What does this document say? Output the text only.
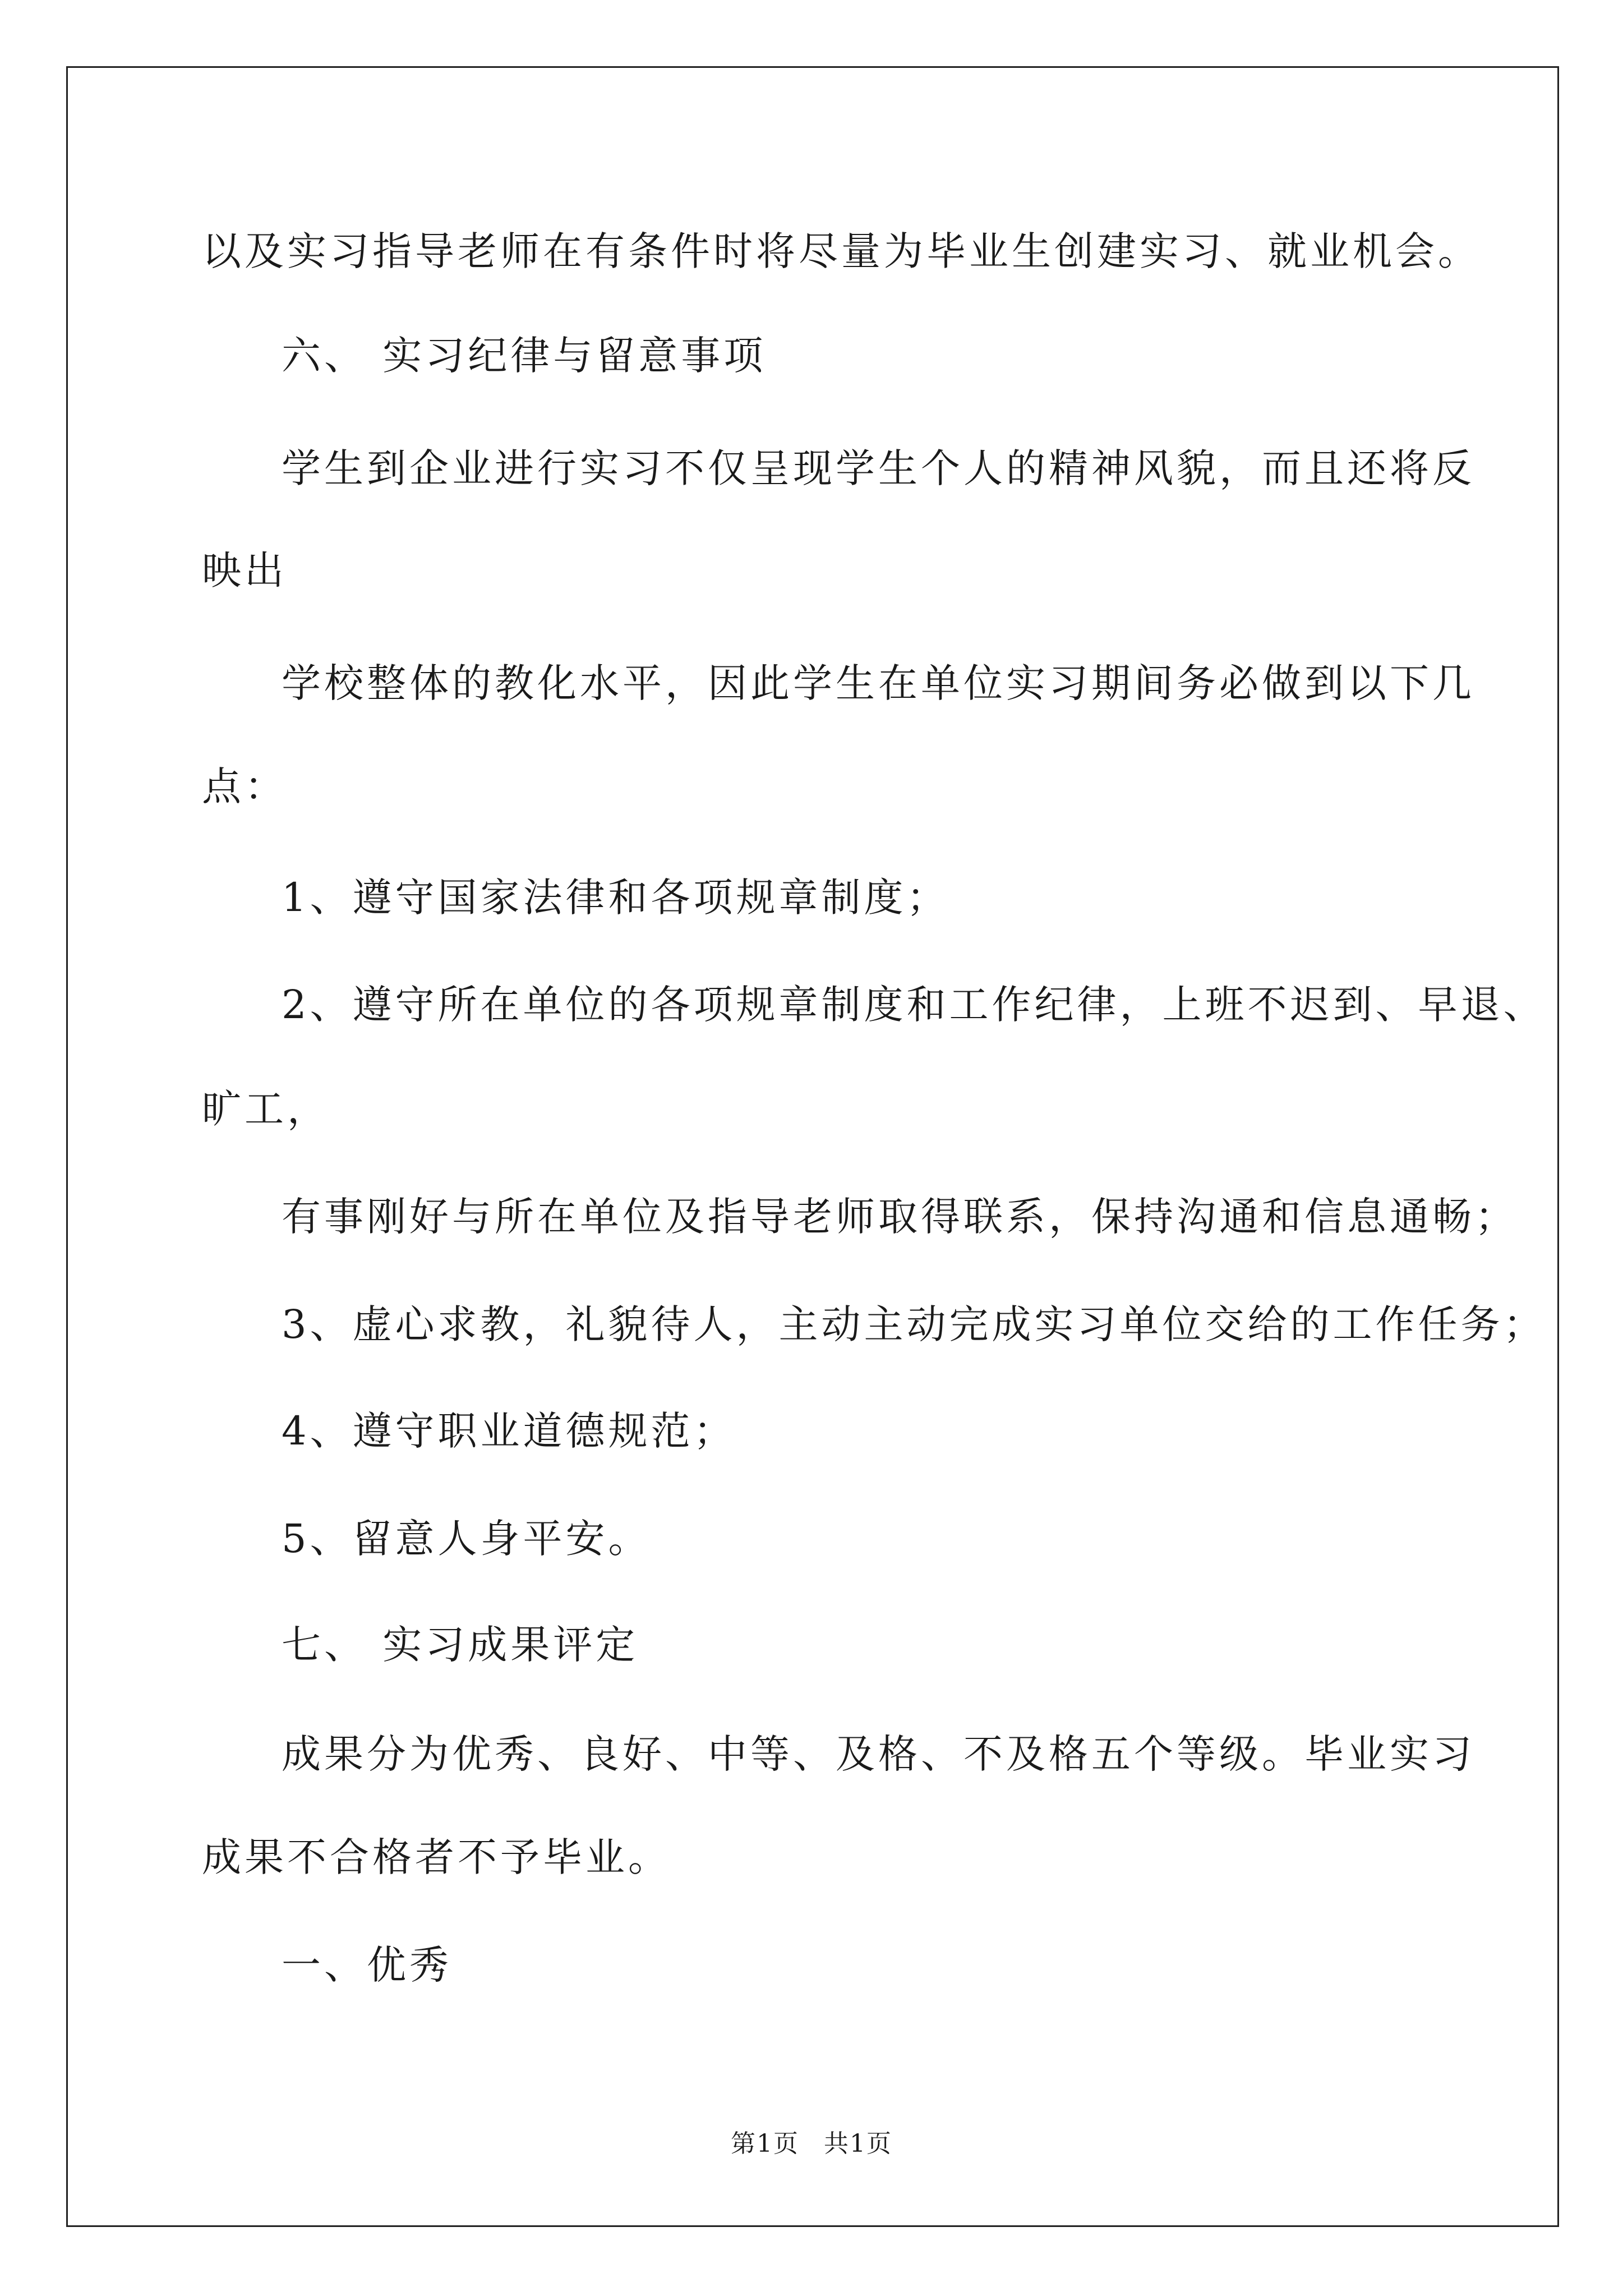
以及实习指导老师在有条件时将尽量为毕业生创建实习、就业机会。

六、 实习纪律与留意事项

学生到企业进行实习不仅呈现学生个人的精神风貌，而且还将反

映出

学校整体的教化水平，因此学生在单位实习期间务必做到以下几

点：

1、遵守国家法律和各项规章制度；

2、遵守所在单位的各项规章制度和工作纪律，上班不迟到、早退、

旷工，

有事刚好与所在单位及指导老师取得联系，保持沟通和信息通畅；

3、虚心求教，礼貌待人，主动主动完成实习单位交给的工作任务；

4、遵守职业道德规范；

5、留意人身平安。

七、 实习成果评定

成果分为优秀、良好、中等、及格、不及格五个等级。毕业实习

成果不合格者不予毕业。

一、优秀

第1页 共1页
